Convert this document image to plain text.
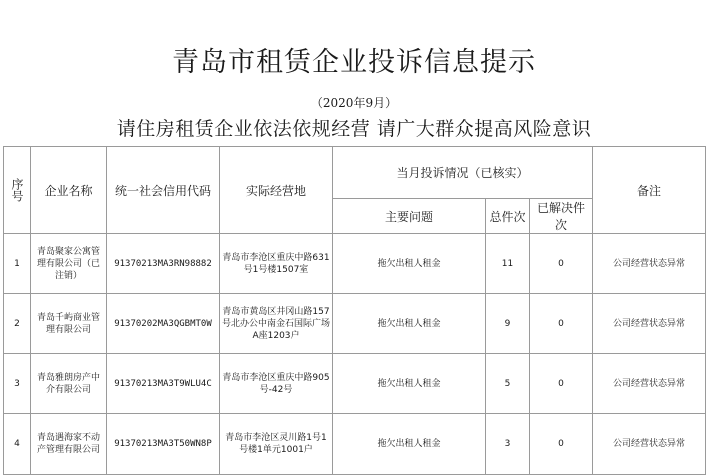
青岛市租赁企业投诉信息提示
（2020年9月）
请住房租赁企业依法依规经营 请广大群众提高风险意识
序号	企业名称	统一社会信用代码	实际经营地	当月投诉情况（已核实）			备注
				主要问题	总件次	已解决件次	
1	青岛聚家公寓管理有限公司（已注销）	91370213MA3RN98882	青岛市李沧区重庆中路631号1号楼1507室	拖欠出租人租金	11	0	公司经营状态异常
2	青岛千屿商业管理有限公司	91370202MA3QGBMT0W	青岛市黄岛区井冈山路157号北办公中南金石国际广场A座1203户	拖欠出租人租金	9	0	公司经营状态异常
3	青岛雅朗房产中介有限公司	91370213MA3T9WLU4C	青岛市李沧区重庆中路905号-42号	拖欠出租人租金	5	0	公司经营状态异常
4	青岛遇海家不动产管理有限公司	91370213MA3T50WN8P	青岛市李沧区灵川路1号1号楼1单元1001户	拖欠出租人租金	3	0	公司经营状态异常
